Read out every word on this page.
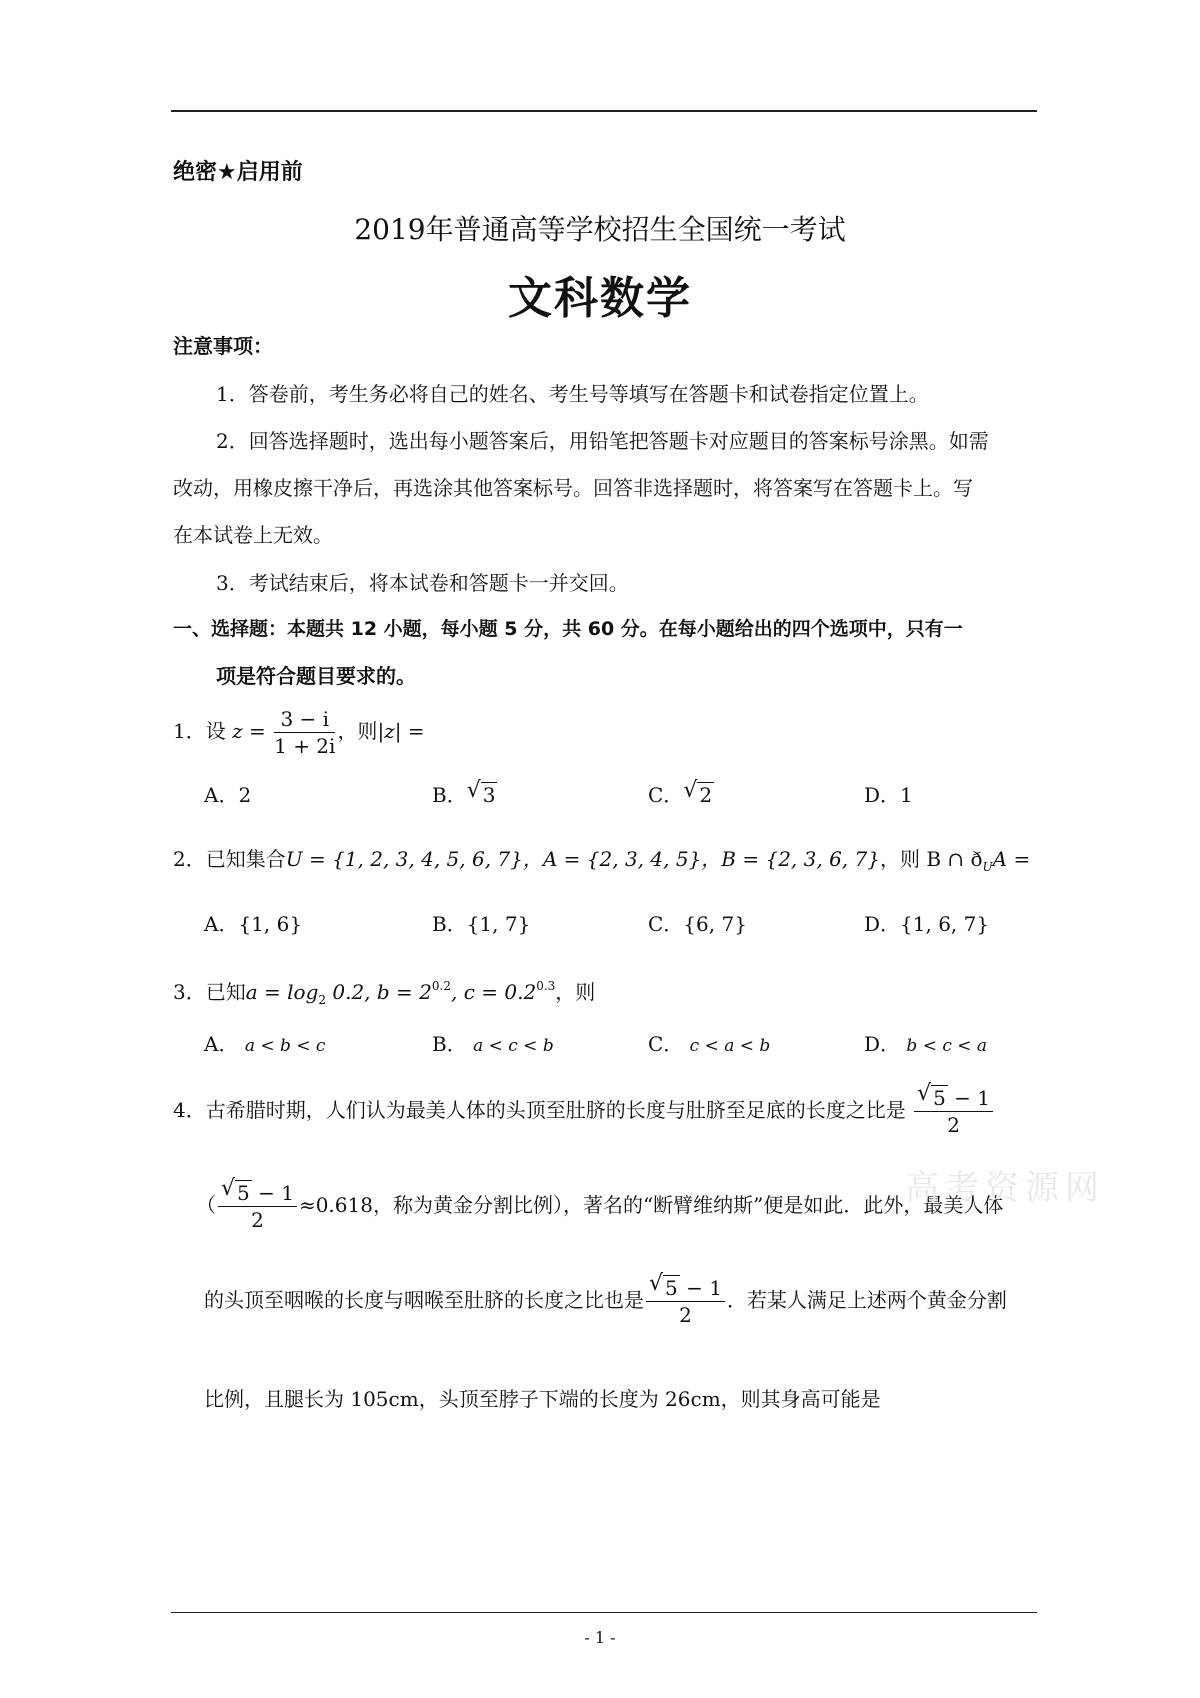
绝密★启用前
2019年普通高等学校招生全国统一考试
文科数学
注意事项：
1．答卷前，考生务必将自己的姓名、考生号等填写在答题卡和试卷指定位置上。
2．回答选择题时，选出每小题答案后，用铅笔把答题卡对应题目的答案标号涂黑。如需
改动，用橡皮擦干净后，再选涂其他答案标号。回答非选择题时，将答案写在答题卡上。写
在本试卷上无效。
3．考试结束后，将本试卷和答题卡一并交回。
一、选择题：本题共 12 小题，每小题 5 分，共 60 分。在每小题给出的四个选项中，只有一
项是符合题目要求的。
1．设 $z = \frac{3 - i}{1 + 2i}$ ，则|z| =
A．2	B． √ 3	C． √ 2	D．1
2．已知集合U = {1, 2, 3, 4, 5, 6, 7}，A = {2, 3, 4, 5}，B = {2, 3, 6, 7}，则 B ∩ $ð_UA$ =
A．{1, 6}	B．{1, 7}	C．{6, 7}	D．{1, 6, 7}
3．已知$a = \log_2 0.2$, $b = 2^{0.2}$, $c = 0.2^{0.3}$，则
A． a < b < c	B． a < c < b	C． c < a < b	D． b < c < a
4．古希腊时期，人们认为最美人体的头顶至肚脐的长度与肚脐至足底的长度之比是 $\frac{√ 5 - 1}{2}$
（ $\frac{√ 5 - 1}{2} \approx 0.618$，称为黄金分割比例），著名的“断臂维纳斯”便是如此．此外，最美人体
的头顶至咽喉的长度与咽喉至肚脐的长度之比也是 $\frac{√ 5 - 1}{2}$ ．若某人满足上述两个黄金分割
比例，且腿长为 105cm，头顶至脖子下端的长度为 26cm，则其身高可能是
高考资源网
- 1 -
